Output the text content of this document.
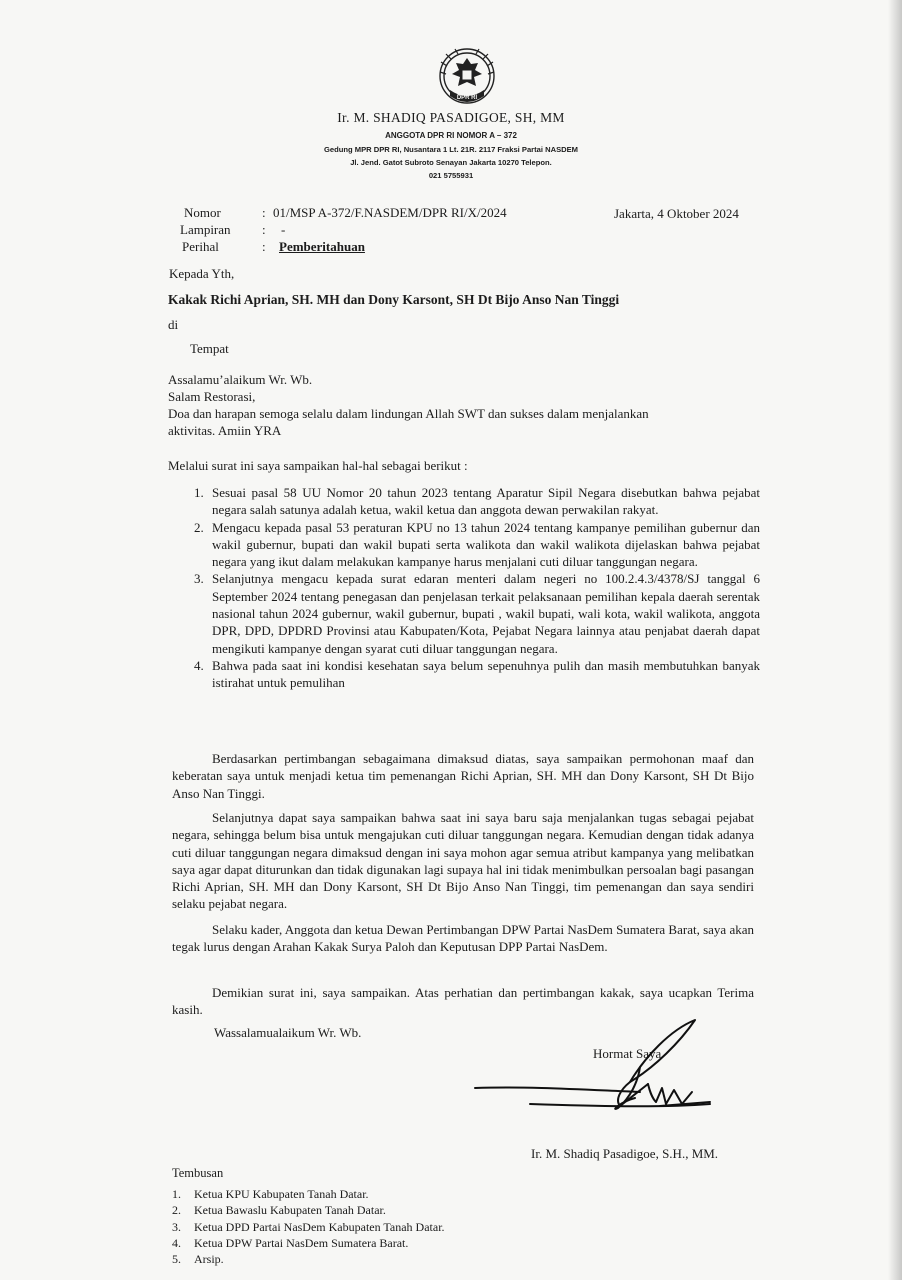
DPR RI
Ir. M. SHADIQ PASADIGOE, SH, MM
ANGGOTA DPR RI NOMOR A – 372
Gedung MPR DPR RI, Nusantara 1 Lt. 21R. 2117 Fraksi Partai NASDEM
Jl. Jend. Gatot Subroto Senayan Jakarta 10270 Telepon.
021 5755931
Nomor	: 01/MSP A-372/F.NASDEM/DPR RI/X/2024	Jakarta, 4 Oktober 2024
Lampiran : -
Perihal	: Pemberitahuan
Kepada Yth,
Kakak Richi Aprian, SH. MH dan Dony Karsont, SH Dt Bijo Anso Nan Tinggi
di
Tempat
Assalamu’alaikum Wr. Wb.
Salam Restorasi,
Doa dan harapan semoga selalu dalam lindungan Allah SWT dan sukses dalam menjalankan
aktivitas. Amiin YRA
Melalui surat ini saya sampaikan hal-hal sebagai berikut :
1. Sesuai pasal 58 UU Nomor 20 tahun 2023 tentang Aparatur Sipil Negara disebutkan bahwa pejabat negara salah satunya adalah ketua, wakil ketua dan anggota dewan perwakilan rakyat.
2. Mengacu kepada pasal 53 peraturan KPU no 13 tahun 2024 tentang kampanye pemilihan gubernur dan wakil gubernur, bupati dan wakil bupati serta walikota dan wakil walikota dijelaskan bahwa pejabat negara yang ikut dalam melakukan kampanye harus menjalani cuti diluar tanggungan negara.
3. Selanjutnya mengacu kepada surat edaran menteri dalam negeri no 100.2.4.3/4378/SJ tanggal 6 September 2024 tentang penegasan dan penjelasan terkait pelaksanaan pemilihan kepala daerah serentak nasional tahun 2024 gubernur, wakil gubernur, bupati , wakil bupati, wali kota, wakil walikota, anggota DPR, DPD, DPDRD Provinsi atau Kabupaten/Kota, Pejabat Negara lainnya atau penjabat daerah dapat mengikuti kampanye dengan syarat cuti diluar tanggungan negara.
4. Bahwa pada saat ini kondisi kesehatan saya belum sepenuhnya pulih dan masih membutuhkan banyak istirahat untuk pemulihan
Berdasarkan pertimbangan sebagaimana dimaksud diatas, saya sampaikan permohonan maaf dan keberatan saya untuk menjadi ketua tim pemenangan Richi Aprian, SH. MH dan Dony Karsont, SH Dt Bijo Anso Nan Tinggi.
Selanjutnya dapat saya sampaikan bahwa saat ini saya baru saja menjalankan tugas sebagai pejabat negara, sehingga belum bisa untuk mengajukan cuti diluar tanggungan negara. Kemudian dengan tidak adanya cuti diluar tanggungan negara dimaksud dengan ini saya mohon agar semua atribut kampanya yang melibatkan saya agar dapat diturunkan dan tidak digunakan lagi supaya hal ini tidak menimbulkan persoalan bagi pasangan Richi Aprian, SH. MH dan Dony Karsont, SH Dt Bijo Anso Nan Tinggi, tim pemenangan dan saya sendiri selaku pejabat negara.
Selaku kader, Anggota dan ketua Dewan Pertimbangan DPW Partai NasDem Sumatera Barat, saya akan tegak lurus dengan Arahan Kakak Surya Paloh dan Keputusan DPP Partai NasDem.
Demikian surat ini, saya sampaikan. Atas perhatian dan pertimbangan kakak, saya ucapkan Terima kasih.
Wassalamualaikum Wr. Wb.
Hormat Saya
Ir. M. Shadiq Pasadigoe, S.H., MM.
Tembusan
1. Ketua KPU Kabupaten Tanah Datar.
2. Ketua Bawaslu Kabupaten Tanah Datar.
3. Ketua DPD Partai NasDem Kabupaten Tanah Datar.
4. Ketua DPW Partai NasDem Sumatera Barat.
5. Arsip.
